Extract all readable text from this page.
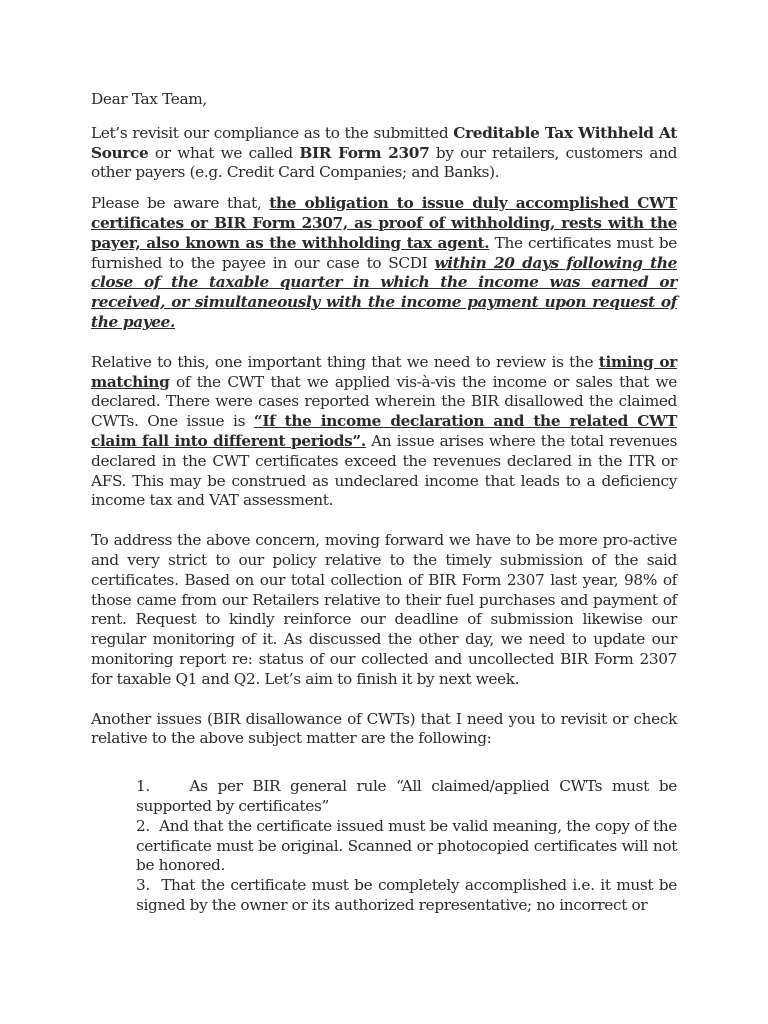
Dear Tax Team,

Let’s revisit our compliance as to the submitted Creditable Tax Withheld At Source or what we called BIR Form 2307 by our retailers, customers and other payers (e.g. Credit Card Companies; and Banks).

Please be aware that, the obligation to issue duly accomplished CWT certificates or BIR Form 2307, as proof of withholding, rests with the payer, also known as the withholding tax agent. The certificates must be furnished to the payee in our case to SCDI within 20 days following the close of the taxable quarter in which the income was earned or received, or simultaneously with the income payment upon request of the payee.

Relative to this, one important thing that we need to review is the timing or matching of the CWT that we applied vis-à-vis the income or sales that we declared. There were cases reported wherein the BIR disallowed the claimed CWTs. One issue is “If the income declaration and the related CWT claim fall into different periods”. An issue arises where the total revenues declared in the CWT certificates exceed the revenues declared in the ITR or AFS. This may be construed as undeclared income that leads to a deficiency income tax and VAT assessment.

To address the above concern, moving forward we have to be more pro-active and very strict to our policy relative to the timely submission of the said certificates. Based on our total collection of BIR Form 2307 last year, 98% of those came from our Retailers relative to their fuel purchases and payment of rent. Request to kindly reinforce our deadline of submission likewise our regular monitoring of it. As discussed the other day, we need to update our monitoring report re: status of our collected and uncollected BIR Form 2307 for taxable Q1 and Q2. Let’s aim to finish it by next week.

Another issues (BIR disallowance of CWTs) that I need you to revisit or check relative to the above subject matter are the following:

1.	As per BIR general rule “All claimed/applied CWTs must be supported by certificates”
2. And that the certificate issued must be valid meaning, the copy of the certificate must be original. Scanned or photocopied certificates will not be honored.
3. That the certificate must be completely accomplished i.e. it must be signed by the owner or its authorized representative; no incorrect or
